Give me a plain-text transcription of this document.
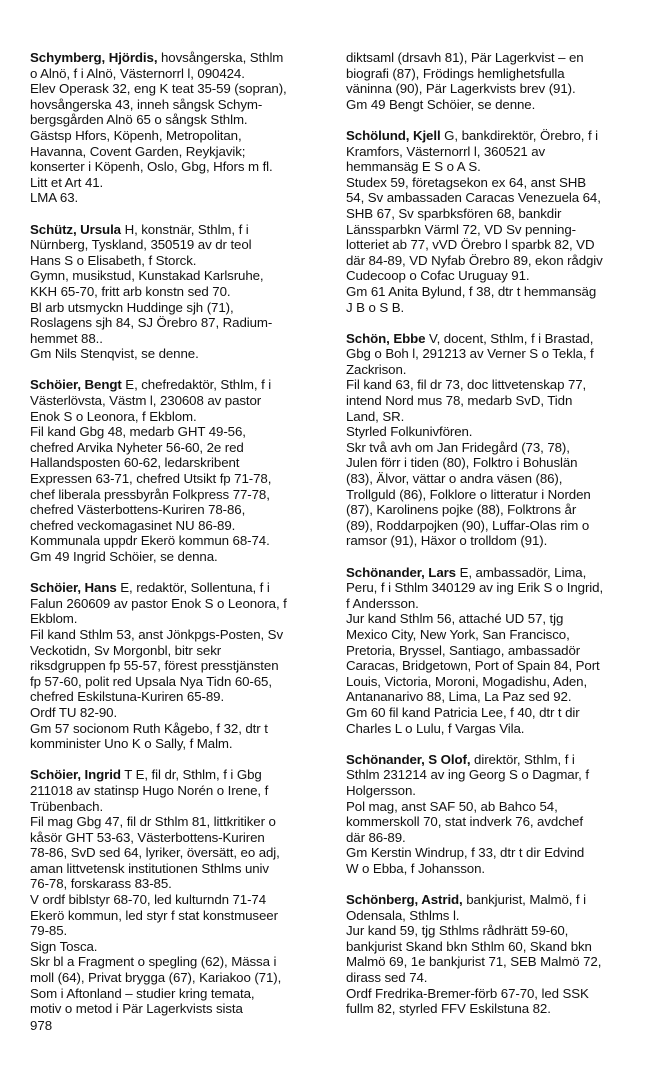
Schymberg, Hjördis, hovsångerska, Sthlm
o Alnö, f i Alnö, Västernorrl l, 090424.
Elev Operask 32, eng K teat 35-59 (sopran),
hovsångerska 43, inneh sångsk Schym-
bergsgården Alnö 65 o sångsk Sthlm.
Gästsp Hfors, Köpenh, Metropolitan,
Havanna, Covent Garden, Reykjavik;
konserter i Köpenh, Oslo, Gbg, Hfors m fl.
Litt et Art 41.
LMA 63.
Schütz, Ursula H, konstnär, Sthlm, f i
Nürnberg, Tyskland, 350519 av dr teol
Hans S o Elisabeth, f Storck.
Gymn, musikstud, Kunstakad Karlsruhe,
KKH 65-70, fritt arb konstn sed 70.
Bl arb utsmyckn Huddinge sjh (71),
Roslagens sjh 84, SJ Örebro 87, Radium-
hemmet 88..
Gm Nils Stenqvist, se denne.
Schöier, Bengt E, chefredaktör, Sthlm, f i
Västerlövsta, Västm l, 230608 av pastor
Enok S o Leonora, f Ekblom.
Fil kand Gbg 48, medarb GHT 49-56,
chefred Arvika Nyheter 56-60, 2e red
Hallandsposten 60-62, ledarskribent
Expressen 63-71, chefred Utsikt fp 71-78,
chef liberala pressbyrån Folkpress 77-78,
chefred Västerbottens-Kuriren 78-86,
chefred veckomagasinet NU 86-89.
Kommunala uppdr Ekerö kommun 68-74.
Gm 49 Ingrid Schöier, se denna.
Schöier, Hans E, redaktör, Sollentuna, f i
Falun 260609 av pastor Enok S o Leonora, f
Ekblom.
Fil kand Sthlm 53, anst Jönkpgs-Posten, Sv
Veckotidn, Sv Morgonbl, bitr sekr
riksdgruppen fp 55-57, förest presstjänsten
fp 57-60, polit red Upsala Nya Tidn 60-65,
chefred Eskilstuna-Kuriren 65-89.
Ordf TU 82-90.
Gm 57 socionom Ruth Kågebo, f 32, dtr t
komminister Uno K o Sally, f Malm.
Schöier, Ingrid T E, fil dr, Sthlm, f i Gbg
211018 av statinsp Hugo Norén o Irene, f
Trübenbach.
Fil mag Gbg 47, fil dr Sthlm 81, littkritiker o
kåsör GHT 53-63, Västerbottens-Kuriren
78-86, SvD sed 64, lyriker, översätt, eo adj,
aman littvetensk institutionen Sthlms univ
76-78, forskarass 83-85.
V ordf biblstyr 68-70, led kulturndn 71-74
Ekerö kommun, led styr f stat konstmuseer
79-85.
Sign Tosca.
Skr bl a Fragment o spegling (62), Mässa i
moll (64), Privat brygga (67), Kariakoo (71),
Som i Aftonland – studier kring temata,
motiv o metod i Pär Lagerkvists sista
diktsaml (drsavh 81), Pär Lagerkvist – en
biografi (87), Frödings hemlighetsfulla
väninna (90), Pär Lagerkvists brev (91).
Gm 49 Bengt Schöier, se denne.
Schölund, Kjell G, bankdirektör, Örebro, f i
Kramfors, Västernorrl l, 360521 av
hemmansäg E S o A S.
Studex 59, företagsekon ex 64, anst SHB
54, Sv ambassaden Caracas Venezuela 64,
SHB 67, Sv sparbksfören 68, bankdir
Länssparbkn Värml 72, VD Sv penning-
lotteriet ab 77, vVD Örebro l sparbk 82, VD
där 84-89, VD Nyfab Örebro 89, ekon rådgiv
Cudecoop o Cofac Uruguay 91.
Gm 61 Anita Bylund, f 38, dtr t hemmansäg
J B o S B.
Schön, Ebbe V, docent, Sthlm, f i Brastad,
Gbg o Boh l, 291213 av Verner S o Tekla, f
Zackrison.
Fil kand 63, fil dr 73, doc littvetenskap 77,
intend Nord mus 78, medarb SvD, Tidn
Land, SR.
Styrled Folkunivfören.
Skr två avh om Jan Fridegård (73, 78),
Julen förr i tiden (80), Folktro i Bohuslän
(83), Älvor, vättar o andra väsen (86),
Trollguld (86), Folklore o litteratur i Norden
(87), Karolinens pojke (88), Folktrons år
(89), Roddarpojken (90), Luffar-Olas rim o
ramsor (91), Häxor o trolldom (91).
Schönander, Lars E, ambassadör, Lima,
Peru, f i Sthlm 340129 av ing Erik S o Ingrid,
f Andersson.
Jur kand Sthlm 56, attaché UD 57, tjg
Mexico City, New York, San Francisco,
Pretoria, Bryssel, Santiago, ambassadör
Caracas, Bridgetown, Port of Spain 84, Port
Louis, Victoria, Moroni, Mogadishu, Aden,
Antananarivo 88, Lima, La Paz sed 92.
Gm 60 fil kand Patricia Lee, f 40, dtr t dir
Charles L o Lulu, f Vargas Vila.
Schönander, S Olof, direktör, Sthlm, f i
Sthlm 231214 av ing Georg S o Dagmar, f
Holgersson.
Pol mag, anst SAF 50, ab Bahco 54,
kommerskoll 70, stat indverk 76, avdchef
där 86-89.
Gm Kerstin Windrup, f 33, dtr t dir Edvind
W o Ebba, f Johansson.
Schönberg, Astrid, bankjurist, Malmö, f i
Odensala, Sthlms l.
Jur kand 59, tjg Sthlms rådhrätt 59-60,
bankjurist Skand bkn Sthlm 60, Skand bkn
Malmö 69, 1e bankjurist 71, SEB Malmö 72,
dirass sed 74.
Ordf Fredrika-Bremer-förb 67-70, led SSK
fullm 82, styrled FFV Eskilstuna 82.
978
